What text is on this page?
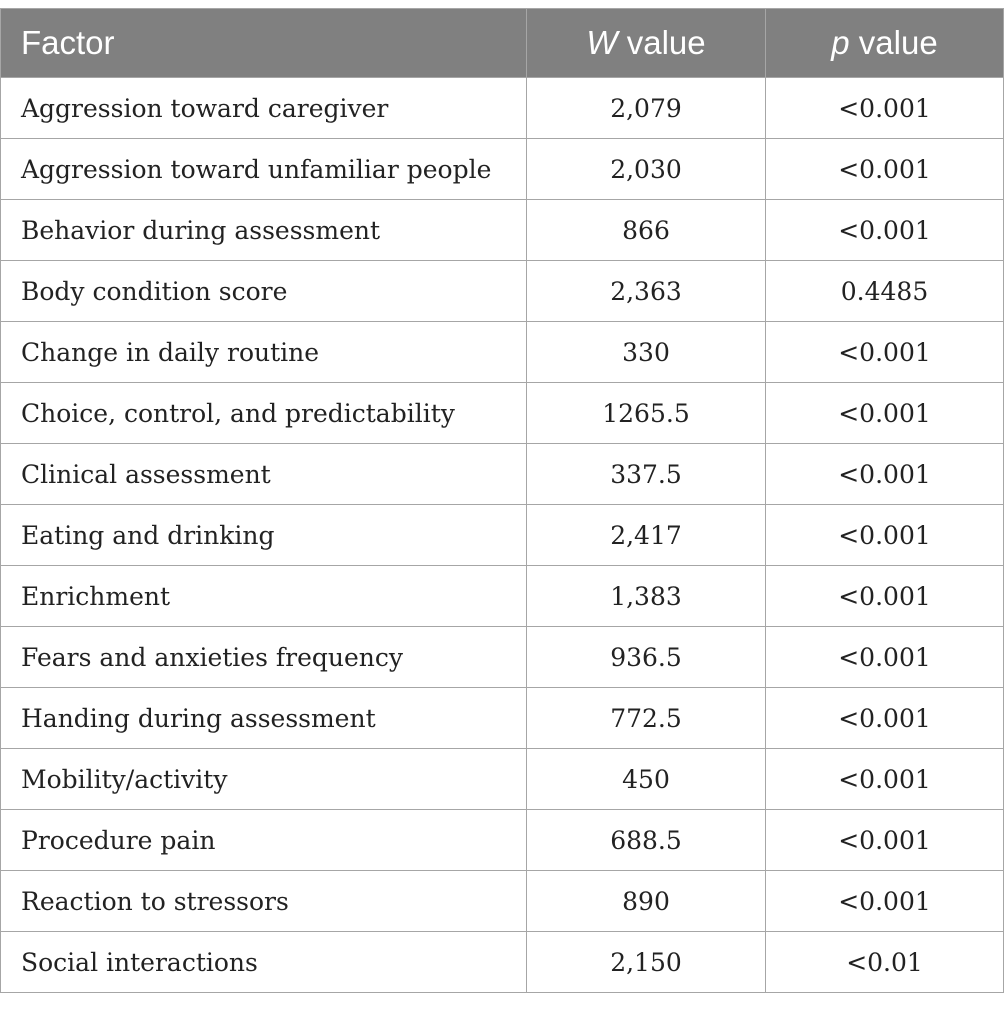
Factor	W value	p value
Aggression toward caregiver	2,079	<0.001
Aggression toward unfamiliar people	2,030	<0.001
Behavior during assessment	866	<0.001
Body condition score	2,363	0.4485
Change in daily routine	330	<0.001
Choice, control, and predictability	1265.5	<0.001
Clinical assessment	337.5	<0.001
Eating and drinking	2,417	<0.001
Enrichment	1,383	<0.001
Fears and anxieties frequency	936.5	<0.001
Handing during assessment	772.5	<0.001
Mobility/activity	450	<0.001
Procedure pain	688.5	<0.001
Reaction to stressors	890	<0.001
Social interactions	2,150	<0.01
